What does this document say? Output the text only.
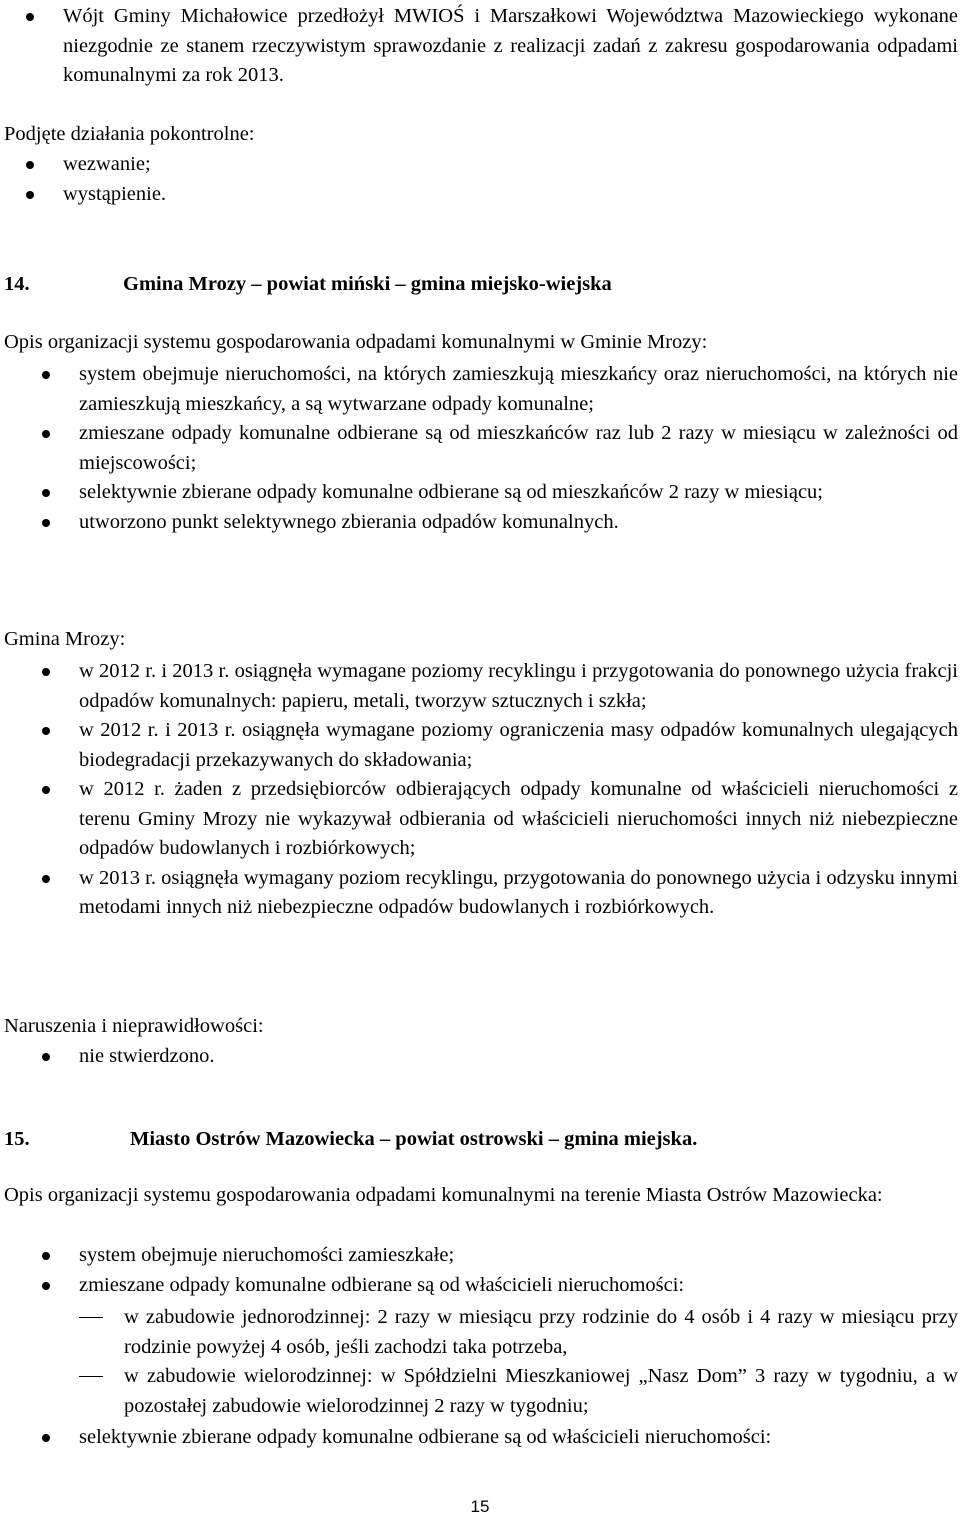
Wójt Gminy Michałowice przedłożył MWIOŚ i Marszałkowi Województwa Mazowieckiego wykonane niezgodnie ze stanem rzeczywistym sprawozdanie z realizacji zadań z zakresu gospodarowania odpadami komunalnymi za rok 2013.
Podjęte działania pokontrolne:
wezwanie;
wystąpienie.
14.	Gmina Mrozy – powiat miński – gmina miejsko-wiejska
Opis organizacji systemu gospodarowania odpadami komunalnymi w Gminie Mrozy:
system obejmuje nieruchomości, na których zamieszkują mieszkańcy oraz nieruchomości, na których nie zamieszkują mieszkańcy, a są wytwarzane odpady komunalne;
zmieszane odpady komunalne odbierane są od mieszkańców raz lub 2 razy w miesiącu w zależności od miejscowości;
selektywnie zbierane odpady komunalne odbierane są od mieszkańców 2 razy w miesiącu;
utworzono punkt selektywnego zbierania odpadów komunalnych.
Gmina Mrozy:
w 2012 r. i 2013 r. osiągnęła wymagane poziomy recyklingu i przygotowania do ponownego użycia frakcji odpadów komunalnych: papieru, metali, tworzyw sztucznych i szkła;
w 2012 r. i 2013 r. osiągnęła wymagane poziomy ograniczenia masy odpadów komunalnych ulegających biodegradacji przekazywanych do składowania;
w 2012 r. żaden z przedsiębiorców odbierających odpady komunalne od właścicieli nieruchomości z terenu Gminy Mrozy nie wykazywał odbierania od właścicieli nieruchomości innych niż niebezpieczne odpadów budowlanych i rozbiórkowych;
w 2013 r. osiągnęła wymagany poziom recyklingu, przygotowania do ponownego użycia i odzysku innymi metodami innych niż niebezpieczne odpadów budowlanych i rozbiórkowych.
Naruszenia i nieprawidłowości:
nie stwierdzono.
15.	Miasto Ostrów Mazowiecka – powiat ostrowski – gmina miejska.
Opis organizacji systemu gospodarowania odpadami komunalnymi na terenie Miasta Ostrów Mazowiecka:
system obejmuje nieruchomości zamieszkałe;
zmieszane odpady komunalne odbierane są od właścicieli nieruchomości:
w zabudowie jednorodzinnej: 2 razy w miesiącu przy rodzinie do 4 osób i 4 razy w miesiącu przy rodzinie powyżej 4 osób, jeśli zachodzi taka potrzeba,
w zabudowie wielorodzinnej: w Spółdzielni Mieszkaniowej „Nasz Dom” 3 razy w tygodniu, a w pozostałej zabudowie wielorodzinnej 2 razy w tygodniu;
selektywnie zbierane odpady komunalne odbierane są od właścicieli nieruchomości:
15
